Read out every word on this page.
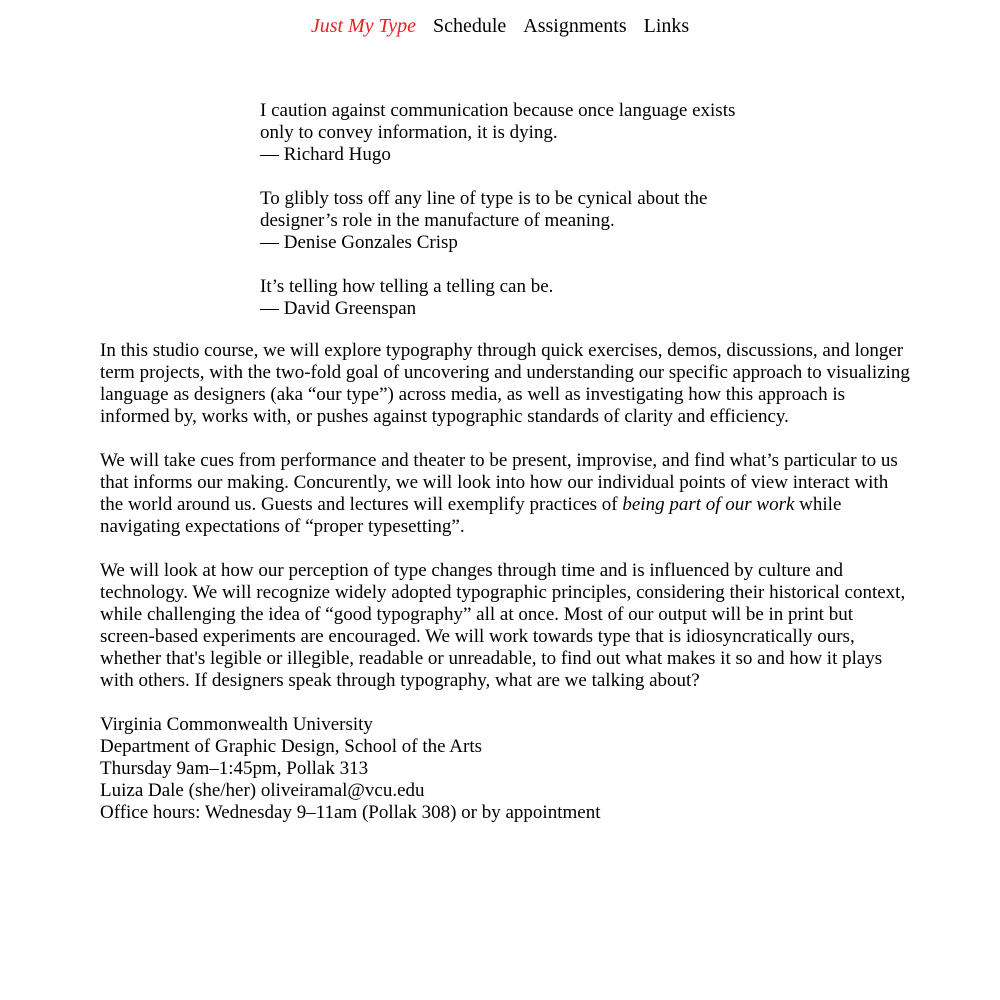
Just My Type Schedule Assignments Links

I caution against communication because once language exists only to convey information, it is dying.

— Richard Hugo

To glibly toss off any line of type is to be cynical about the designer’s role in the manufacture of meaning.

— Denise Gonzales Crisp

It’s telling how telling a telling can be.

— David Greenspan

In this studio course, we will explore typography through quick exercises, demos, discussions, and longer term projects, with the two-fold goal of uncovering and understanding our specific approach to visualizing language as designers (aka “our type”) across media, as well as investigating how this approach is informed by, works with, or pushes against typographic standards of clarity and efficiency.

We will take cues from performance and theater to be present, improvise, and find what’s particular to us that informs our making. Concurently, we will look into how our individual points of view interact with the world around us. Guests and lectures will exemplify practices of being part of our work while navigating expectations of “proper typesetting”.

We will look at how our perception of type changes through time and is influenced by culture and technology. We will recognize widely adopted typographic principles, considering their historical context, while challenging the idea of “good typography” all at once. Most of our output will be in print but screen-based experiments are encouraged. We will work towards type that is idiosyncratically ours, whether that's legible or illegible, readable or unreadable, to find out what makes it so and how it plays with others. If designers speak through typography, what are we talking about?

Virginia Commonwealth University
Department of Graphic Design, School of the Arts
Thursday 9am–1:45pm, Pollak 313
Luiza Dale (she/her) oliveiramal@vcu.edu
Office hours: Wednesday 9–11am (Pollak 308) or by appointment
